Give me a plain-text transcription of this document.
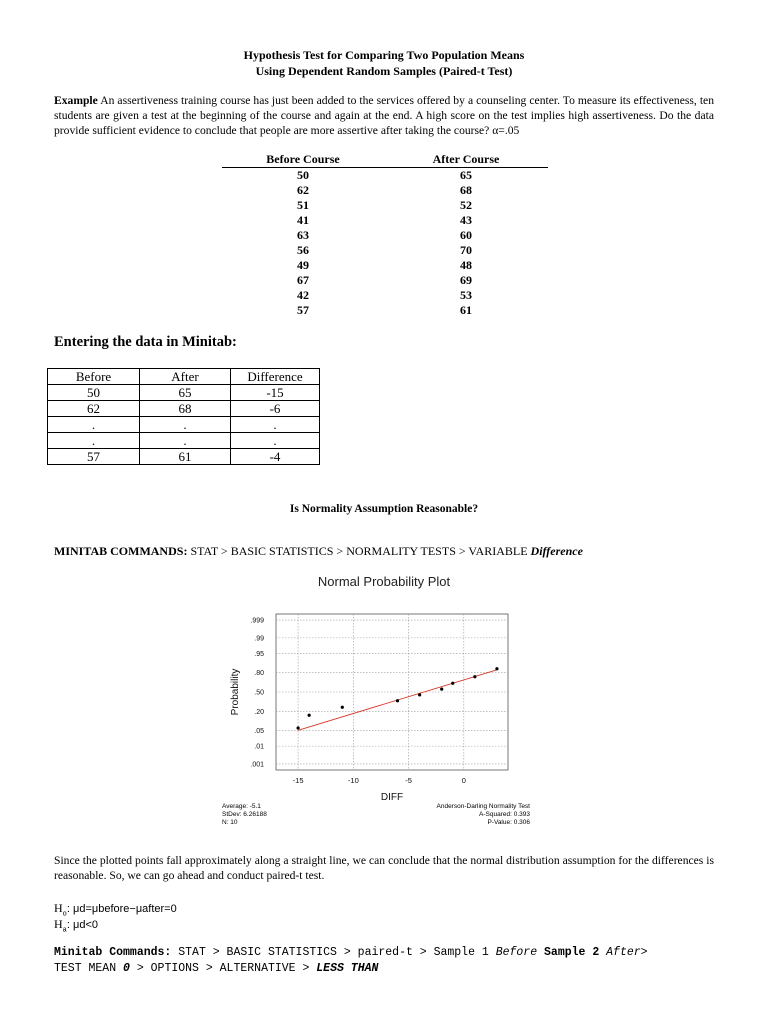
Hypothesis Test for Comparing Two Population Means
Using Dependent Random Samples (Paired-t Test)
Example An assertiveness training course has just been added to the services offered by a counseling center. To measure its effectiveness, ten students are given a test at the beginning of the course and again at the end. A high score on the test implies high assertiveness. Do the data provide sufficient evidence to conclude that people are more assertive after taking the course? α=.05
Before Course	After Course
50	65
62	68
51	52
41	43
63	60
56	70
49	48
67	69
42	53
57	61
Entering the data in Minitab:
Before	After	Difference
50	65	-15
62	68	-6
.	.	.
.	.	.
57	61	-4
Is Normality Assumption Reasonable?
MINITAB COMMANDS: STAT > BASIC STATISTICS > NORMALITY TESTS > VARIABLE Difference
Normal Probability Plot
.999
.99
.95
.80
.50
.20
.05
.01
.001
-15	-10	-5	0
DIFF
Probability
Average: -5.1
StDev: 6.26188
N: 10
Anderson-Darling Normality Test
A-Squared: 0.393
P-Value: 0.306
Since the plotted points fall approximately along a straight line, we can conclude that the normal distribution assumption for the differences is reasonable. So, we can go ahead and conduct paired-t test.
$H_o$: μd=μbefore−μafter=0
$H_a$: μd<0
Minitab Commands: STAT > BASIC STATISTICS > paired-t > Sample 1 Before Sample 2 After>
TEST MEAN 0 > OPTIONS > ALTERNATIVE > LESS THAN
